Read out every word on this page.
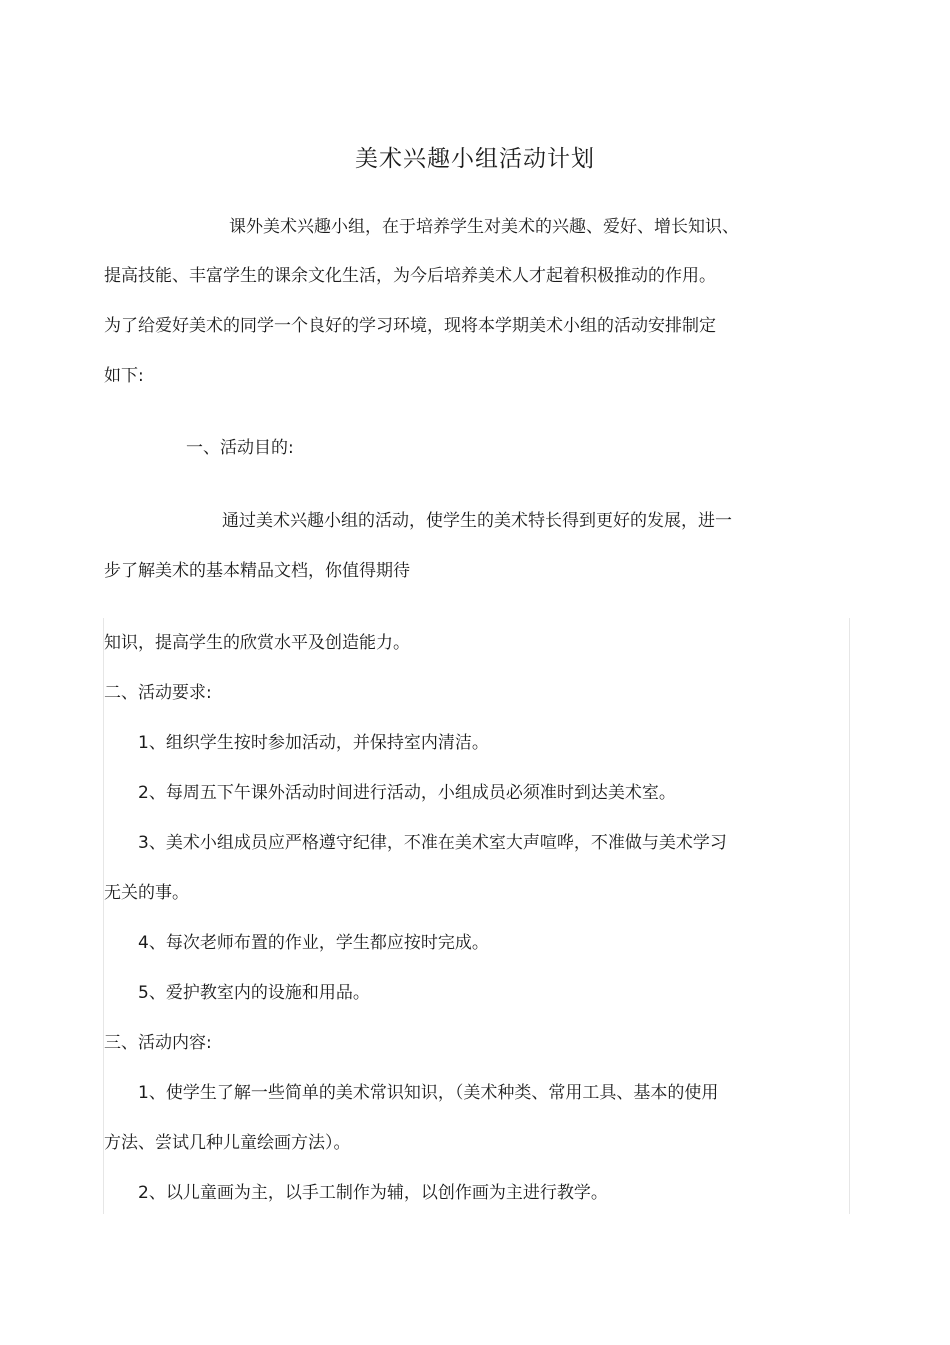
美术兴趣小组活动计划
课外美术兴趣小组，在于培养学生对美术的兴趣、爱好、增长知识、
提高技能、丰富学生的课余文化生活，为今后培养美术人才起着积极推动的作用。
为了给爱好美术的同学一个良好的学习环境，现将本学期美术小组的活动安排制定
如下:
一、活动目的:
通过美术兴趣小组的活动，使学生的美术特长得到更好的发展，进一
步了解美术的基本精品文档，你值得期待
知识，提高学生的欣赏水平及创造能力。
二、活动要求:
1、组织学生按时参加活动，并保持室内清洁。
2、每周五下午课外活动时间进行活动，小组成员必须准时到达美术室。
3、美术小组成员应严格遵守纪律，不准在美术室大声喧哗，不准做与美术学习
无关的事。
4、每次老师布置的作业，学生都应按时完成。
5、爱护教室内的设施和用品。
三、活动内容:
1、使学生了解一些简单的美术常识知识，（美术种类、常用工具、基本的使用
方法、尝试几种儿童绘画方法）。
2、以儿童画为主，以手工制作为辅，以创作画为主进行教学。
